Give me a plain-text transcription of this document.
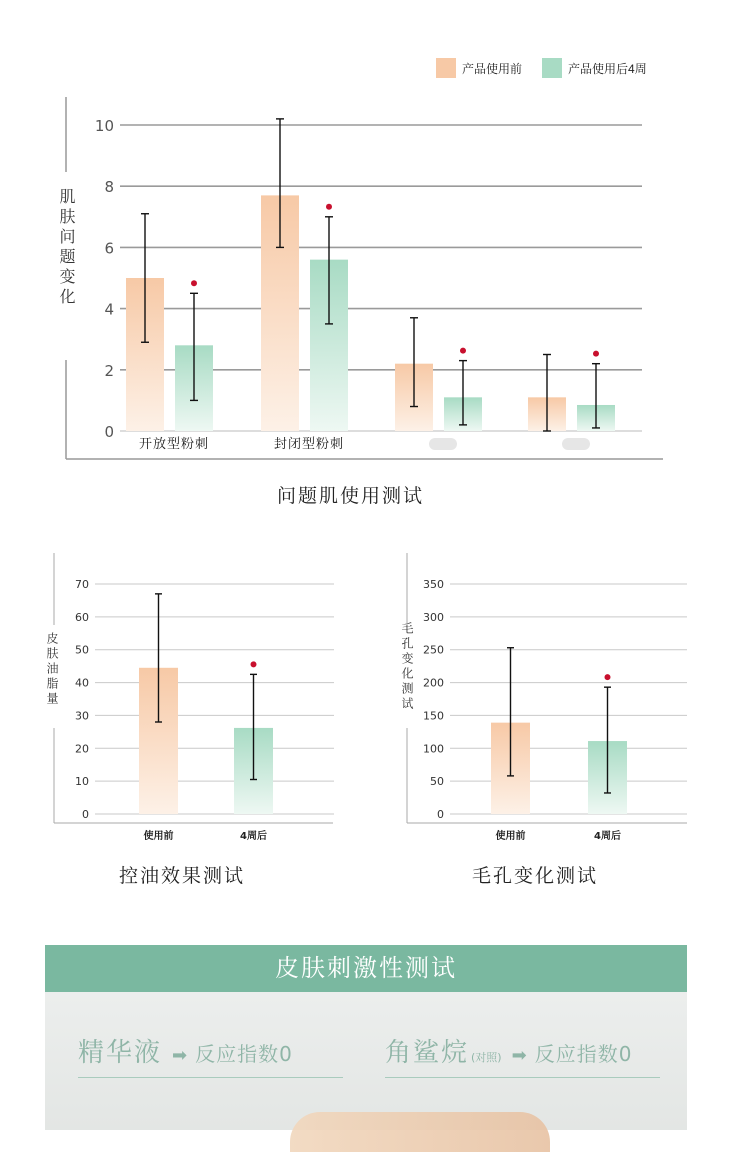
产品使用前	产品使用后4周
肌肤问题变化
皮肤油脂量	毛孔变化测试
0
2
4
6
8
10
开放型粉刺	封闭型粉刺
0
10
20
30
40
50
60
70
使用前	4周后
0
50
100
150
200
250
300
350
使用前	4周后
问题肌使用测试
控油效果测试	毛孔变化测试
皮肤刺激性测试
精华液 ➡ 反应指数0	角鲨烷 (对照) ➡ 反应指数0
